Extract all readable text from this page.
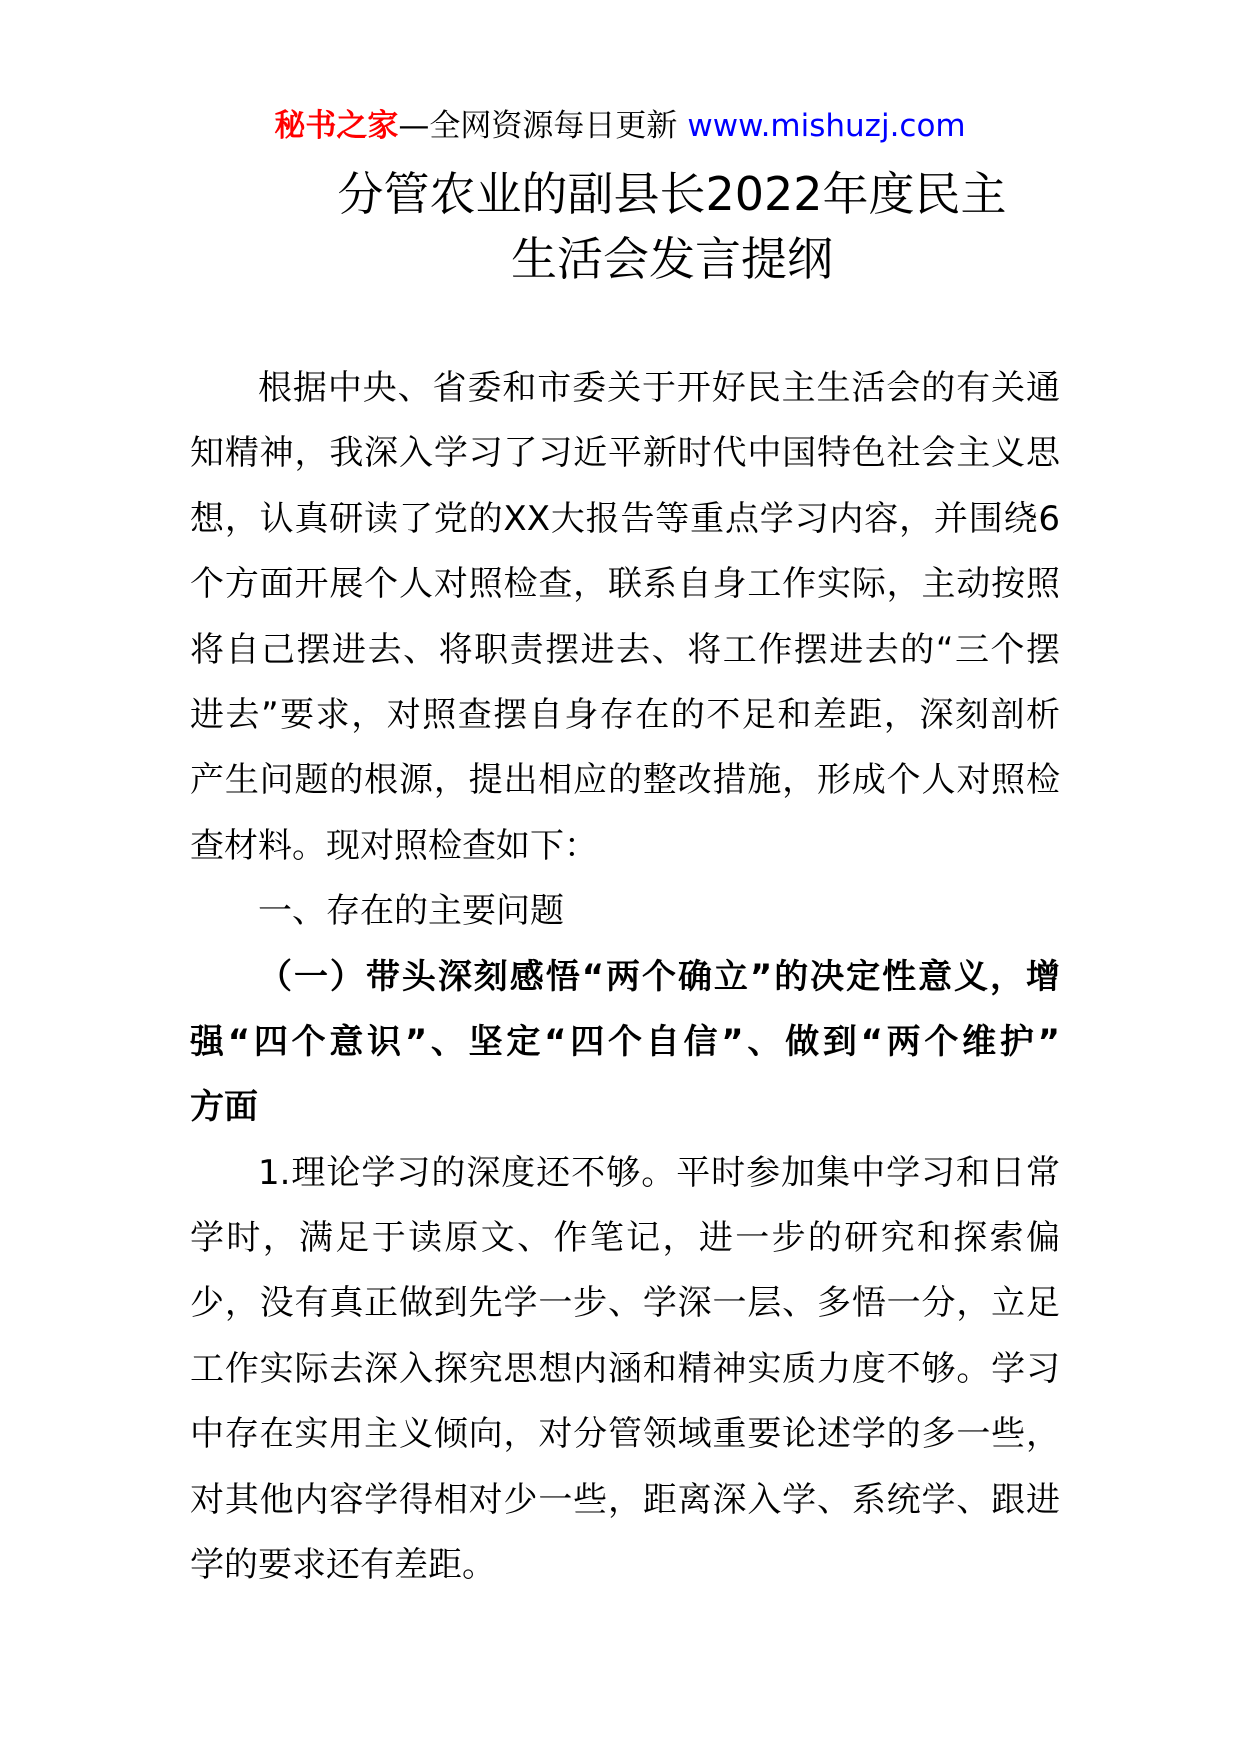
秘书之家—全网资源每日更新 www.mishuzj.com
分管农业的副县长2022年度民主
生活会发言提纲
根据中央、省委和市委关于开好民主生活会的有关通
知精神，我深入学习了习近平新时代中国特色社会主义思
想，认真研读了党的XX大报告等重点学习内容，并围绕6
个方面开展个人对照检查，联系自身工作实际，主动按照
将自己摆进去、将职责摆进去、将工作摆进去的“三个摆
进去”要求，对照查摆自身存在的不足和差距，深刻剖析
产生问题的根源，提出相应的整改措施，形成个人对照检
查材料。现对照检查如下：
一、存在的主要问题
（一）带头深刻感悟“两个确立”的决定性意义，增
强“四个意识”、坚定“四个自信”、做到“两个维护”
方面
1.理论学习的深度还不够。平时参加集中学习和日常
学时，满足于读原文、作笔记，进一步的研究和探索偏
少，没有真正做到先学一步、学深一层、多悟一分，立足
工作实际去深入探究思想内涵和精神实质力度不够。学习
中存在实用主义倾向，对分管领域重要论述学的多一些，
对其他内容学得相对少一些，距离深入学、系统学、跟进
学的要求还有差距。
